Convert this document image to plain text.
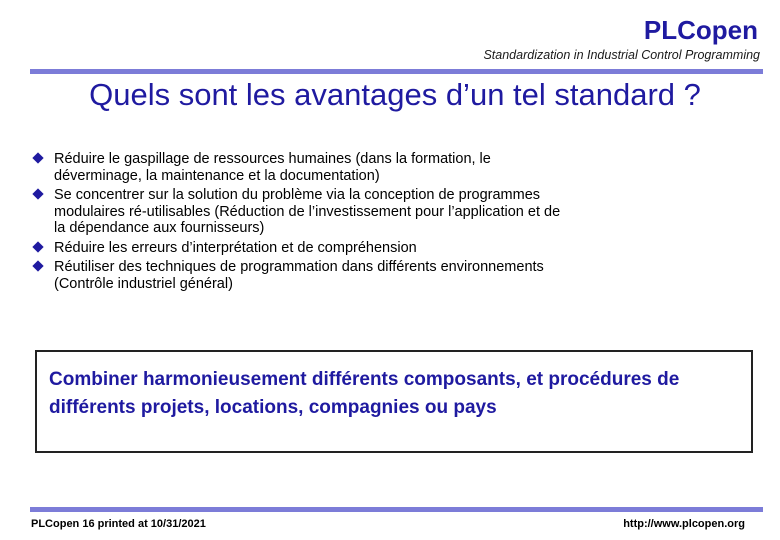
PLCopen
Standardization in Industrial Control Programming
Quels sont les avantages d’un tel standard ?
Réduire le gaspillage de ressources humaines (dans la formation, le déverminage, la maintenance et la documentation)
Se concentrer sur la solution du problème via la conception de programmes modulaires ré-utilisables (Réduction de l’investissement pour l’application et de la dépendance aux fournisseurs)
Réduire les erreurs d’interprétation et de compréhension
Réutiliser des techniques de programmation dans différents environnements (Contrôle industriel général)
Combiner harmonieusement différents composants, et procédures de différents projets, locations, compagnies ou pays
PLCopen 16 printed at 10/31/2021	http://www.plcopen.org
